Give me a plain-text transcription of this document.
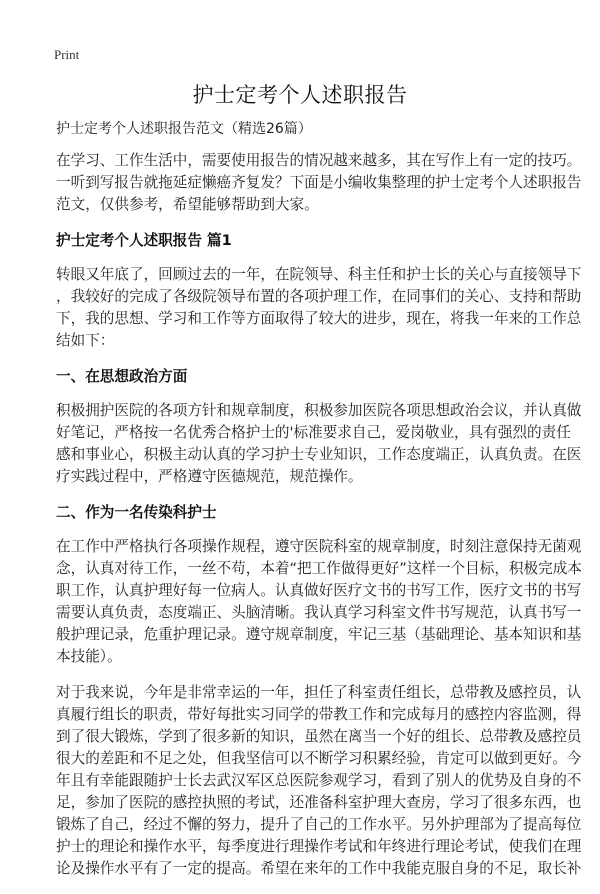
Print
护士定考个人述职报告
护士定考个人述职报告范文（精选26篇）
在学习、工作生活中，需要使用报告的情况越来越多，其在写作上有一定的技巧。
一听到写报告就拖延症懒癌齐复发？下面是小编收集整理的护士定考个人述职报告
范文，仅供参考，希望能够帮助到大家。
护士定考个人述职报告 篇1
转眼又年底了，回顾过去的一年，在院领导、科主任和护士长的关心与直接领导下
，我较好的完成了各级院领导布置的各项护理工作，在同事们的关心、支持和帮助
下，我的思想、学习和工作等方面取得了较大的进步，现在，将我一年来的工作总
结如下：
一、在思想政治方面
积极拥护医院的各项方针和规章制度，积极参加医院各项思想政治会议，并认真做
好笔记，严格按一名优秀合格护士的'标准要求自己，爱岗敬业，具有强烈的责任
感和事业心，积极主动认真的学习护士专业知识，工作态度端正，认真负责。在医
疗实践过程中，严格遵守医德规范，规范操作。
二、作为一名传染科护士
在工作中严格执行各项操作规程，遵守医院科室的规章制度，时刻注意保持无菌观
念，认真对待工作，一丝不苟，本着“把工作做得更好”这样一个目标，积极完成本
职工作，认真护理好每一位病人。认真做好医疗文书的书写工作，医疗文书的书写
需要认真负责，态度端正、头脑清晰。我认真学习科室文件书写规范，认真书写一
般护理记录，危重护理记录。遵守规章制度，牢记三基（基础理论、基本知识和基
本技能）。
对于我来说，今年是非常幸运的一年，担任了科室责任组长，总带教及感控员，认
真履行组长的职责，带好每批实习同学的带教工作和完成每月的感控内容监测，得
到了很大锻炼，学到了很多新的知识，虽然在离当一个好的组长、总带教及感控员
很大的差距和不足之处，但我坚信可以不断学习积累经验，肯定可以做到更好。今
年且有幸能跟随护士长去武汉军区总医院参观学习，看到了别人的优势及自身的不
足，参加了医院的感控执照的考试，还准备科室护理大查房，学习了很多东西，也
锻炼了自己，经过不懈的努力，提升了自己的工作水平。另外护理部为了提高每位
护士的理论和操作水平，每季度进行理操作考试和年终进行理论考试，使我们在理
论及操作水平有了一定的提高。希望在来年的工作中我能克服自身的不足，取长补
